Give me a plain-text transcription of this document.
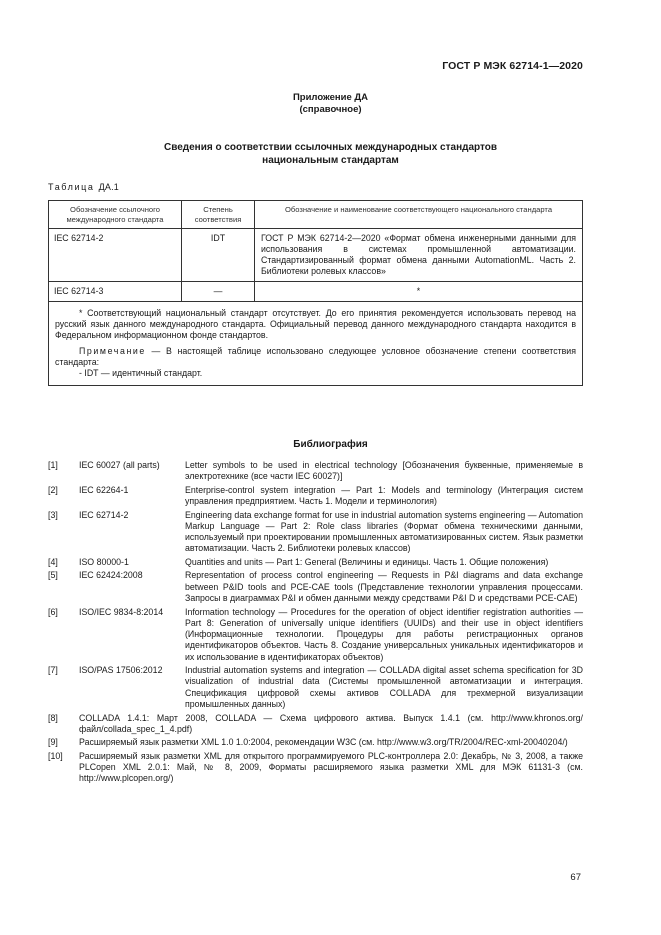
ГОСТ Р МЭК 62714-1—2020
Приложение ДА
(справочное)
Сведения о соответствии ссылочных международных стандартов
национальным стандартам
Таблица ДА.1
Обозначение ссылочного международного стандарта	Степень соответствия	Обозначение и наименование соответствующего национального стандарта
IEC 62714-2	IDT	ГОСТ Р МЭК 62714-2—2020 «Формат обмена инженерными данными для использования в системах промышленной автоматизации. Стандартизированный формат обмена данными AutomationML. Часть 2. Библиотеки ролевых классов»
IEC 62714-3	—	*

* Соответствующий национальный стандарт отсутствует. До его принятия рекомендуется использовать перевод на русский язык данного международного стандарта. Официальный перевод данного международного стандарта находится в Федеральном информационном фонде стандартов.

Примечание — В настоящей таблице использовано следующее условное обозначение степени соответствия стандарта:

- IDT — идентичный стандарт.		

Библиография
[1]	IEC 60027 (all parts)	Letter symbols to be used in electrical technology [Обозначения буквенные, применяемые в электротехнике (все части IEC 60027)]
[2]	IEC 62264-1	Enterprise-control system integration — Part 1: Models and terminology (Интеграция систем управления предприятием. Часть 1. Модели и терминология)
[3]	IEC 62714-2	Engineering data exchange format for use in industrial automation systems engineering — Automation Markup Language — Part 2: Role class libraries (Формат обмена техническими данными, используемый при проектировании промышленных автоматизированных систем. Язык разметки автоматизации. Часть 2. Библиотеки ролевых классов)
[4]	ISO 80000-1	Quantities and units — Part 1: General (Величины и единицы. Часть 1. Общие положения)
[5]	IEC 62424:2008	Representation of process control engineering — Requests in P&I diagrams and data exchange between P&ID tools and PCE-CAE tools (Представление технологии управления процессами. Запросы в диаграммах P&I и обмен данными между средствами P&I D и средствами PCE-CAE)
[6]	ISO/IEC 9834-8:2014	Information technology — Procedures for the operation of object identifier registration authorities — Part 8: Generation of universally unique identifiers (UUIDs) and their use in object identifiers (Информационные технологии. Процедуры для работы регистрационных органов идентификаторов объектов. Часть 8. Создание универсальных уникальных идентификаторов и их использование в идентификаторах объектов)
[7]	ISO/PAS 17506:2012	Industrial automation systems and integration — COLLADA digital asset schema specification for 3D visualization of industrial data (Системы промышленной автоматизации и интеграция. Спецификация цифровой схемы активов COLLADA для трехмерной визуализации промышленных данных)
[8]	COLLADA 1.4.1: Март 2008, COLLADA — Схема цифрового актива. Выпуск 1.4.1 (см. http://www.khronos.org/файл/collada_spec_1_4.pdf)
[9]	Расширяемый язык разметки XML 1.0 1.0:2004, рекомендации W3C (см. http://www.w3.org/TR/2004/REC-xml-20040204/)
[10]	Расширяемый язык разметки XML для открытого программируемого PLC-контроллера 2.0: Декабрь, № 3, 2008, а также PLCopen XML 2.0.1: Май, № 8, 2009, Форматы расширяемого языка разметки XML для МЭК 61131-3 (см. http://www.plcopen.org/)
67
